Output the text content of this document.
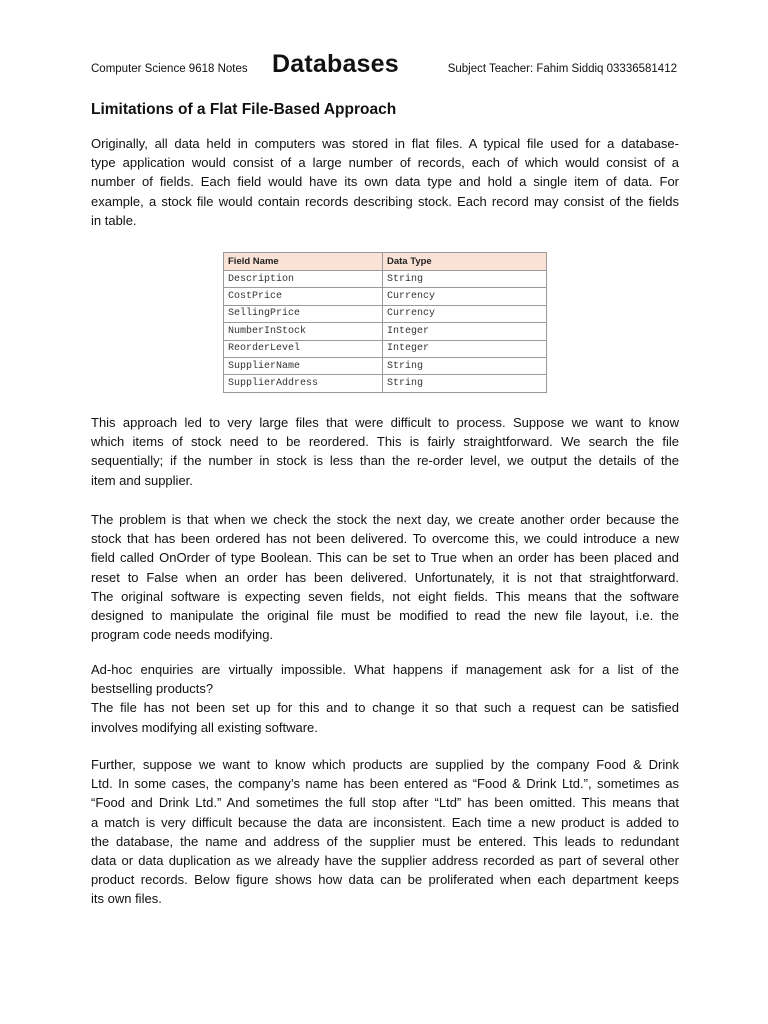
Computer Science 9618 Notes Databases	Subject Teacher: Fahim Siddiq 03336581412
Limitations of a Flat File-Based Approach
Originally, all data held in computers was stored in flat files. A typical file used for a database-
type application would consist of a large number of records, each of which would consist of a
number of fields. Each field would have its own data type and hold a single item of data. For
example, a stock file would contain records describing stock. Each record may consist of the fields
in table.
Field Name	Data Type
Description	String
CostPrice	Currency
SellingPrice	Currency
NumberInStock	Integer
ReorderLevel	Integer
SupplierName	String
SupplierAddress	String
This approach led to very large files that were difficult to process. Suppose we want to know
which items of stock need to be reordered. This is fairly straightforward. We search the file
sequentially; if the number in stock is less than the re-order level, we output the details of the
item and supplier.
The problem is that when we check the stock the next day, we create another order because the
stock that has been ordered has not been delivered. To overcome this, we could introduce a new
field called OnOrder of type Boolean. This can be set to True when an order has been placed and
reset to False when an order has been delivered. Unfortunately, it is not that straightforward.
The original software is expecting seven fields, not eight fields. This means that the software
designed to manipulate the original file must be modified to read the new file layout, i.e. the
program code needs modifying.
Ad-hoc enquiries are virtually impossible. What happens if management ask for a list of the
bestselling products?
The file has not been set up for this and to change it so that such a request can be satisfied
involves modifying all existing software.
Further, suppose we want to know which products are supplied by the company Food & Drink
Ltd. In some cases, the company’s name has been entered as “Food & Drink Ltd.”, sometimes as
“Food and Drink Ltd.” And sometimes the full stop after “Ltd” has been omitted. This means that
a match is very difficult because the data are inconsistent. Each time a new product is added to
the database, the name and address of the supplier must be entered. This leads to redundant
data or data duplication as we already have the supplier address recorded as part of several other
product records. Below figure shows how data can be proliferated when each department keeps
its own files.
